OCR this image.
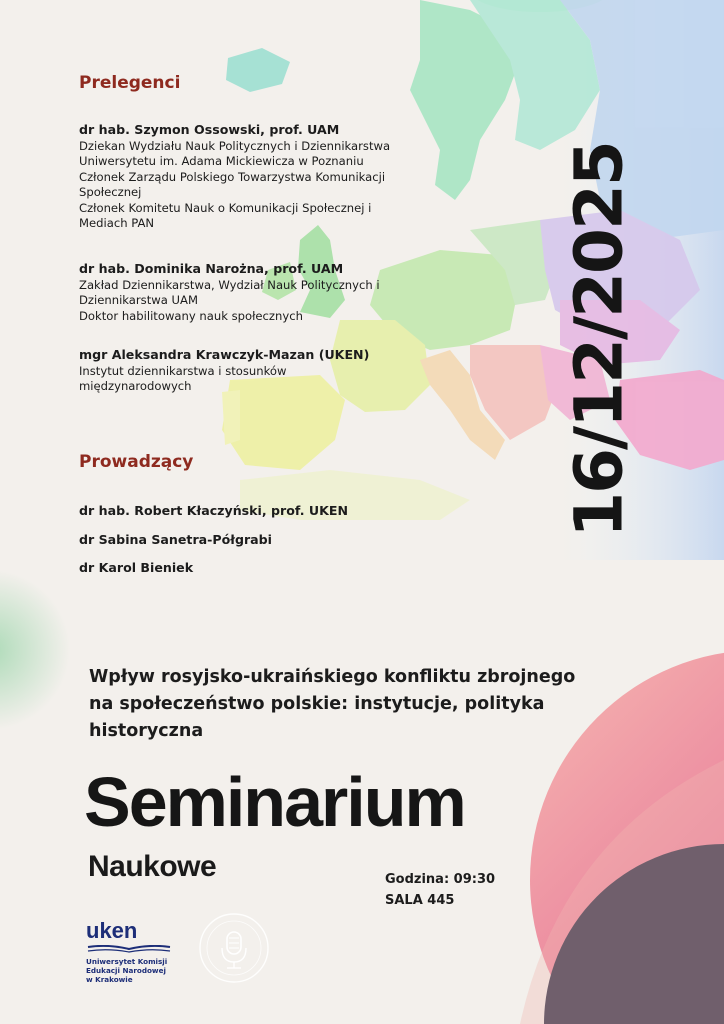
Prelegenci
dr hab. Szymon Ossowski, prof. UAM
Dziekan Wydziału Nauk Politycznych i Dziennikarstwa
Uniwersytetu im. Adama Mickiewicza w Poznaniu
Członek Zarządu Polskiego Towarzystwa Komunikacji
Społecznej
Członek Komitetu Nauk o Komunikacji Społecznej i
Mediach PAN
dr hab. Dominika Narożna, prof. UAM
Zakład Dziennikarstwa, Wydział Nauk Politycznych i
Dziennikarstwa UAM
Doktor habilitowany nauk społecznych
mgr Aleksandra Krawczyk-Mazan (UKEN)
Instytut dziennikarstwa i stosunków
międzynarodowych
Prowadzący
dr hab. Robert Kłaczyński, prof. UKEN
dr Sabina Sanetra-Półgrabi
dr Karol Bieniek
16/12/2025
Wpływ rosyjsko-ukraińskiego konfliktu zbrojnego
na społeczeństwo polskie: instytucje, polityka
historyczna
Seminarium
Naukowe	Godzina: 09:30
SALA 445
uken
Uniwersytet Komisji
Edukacji Narodowej
w Krakowie
